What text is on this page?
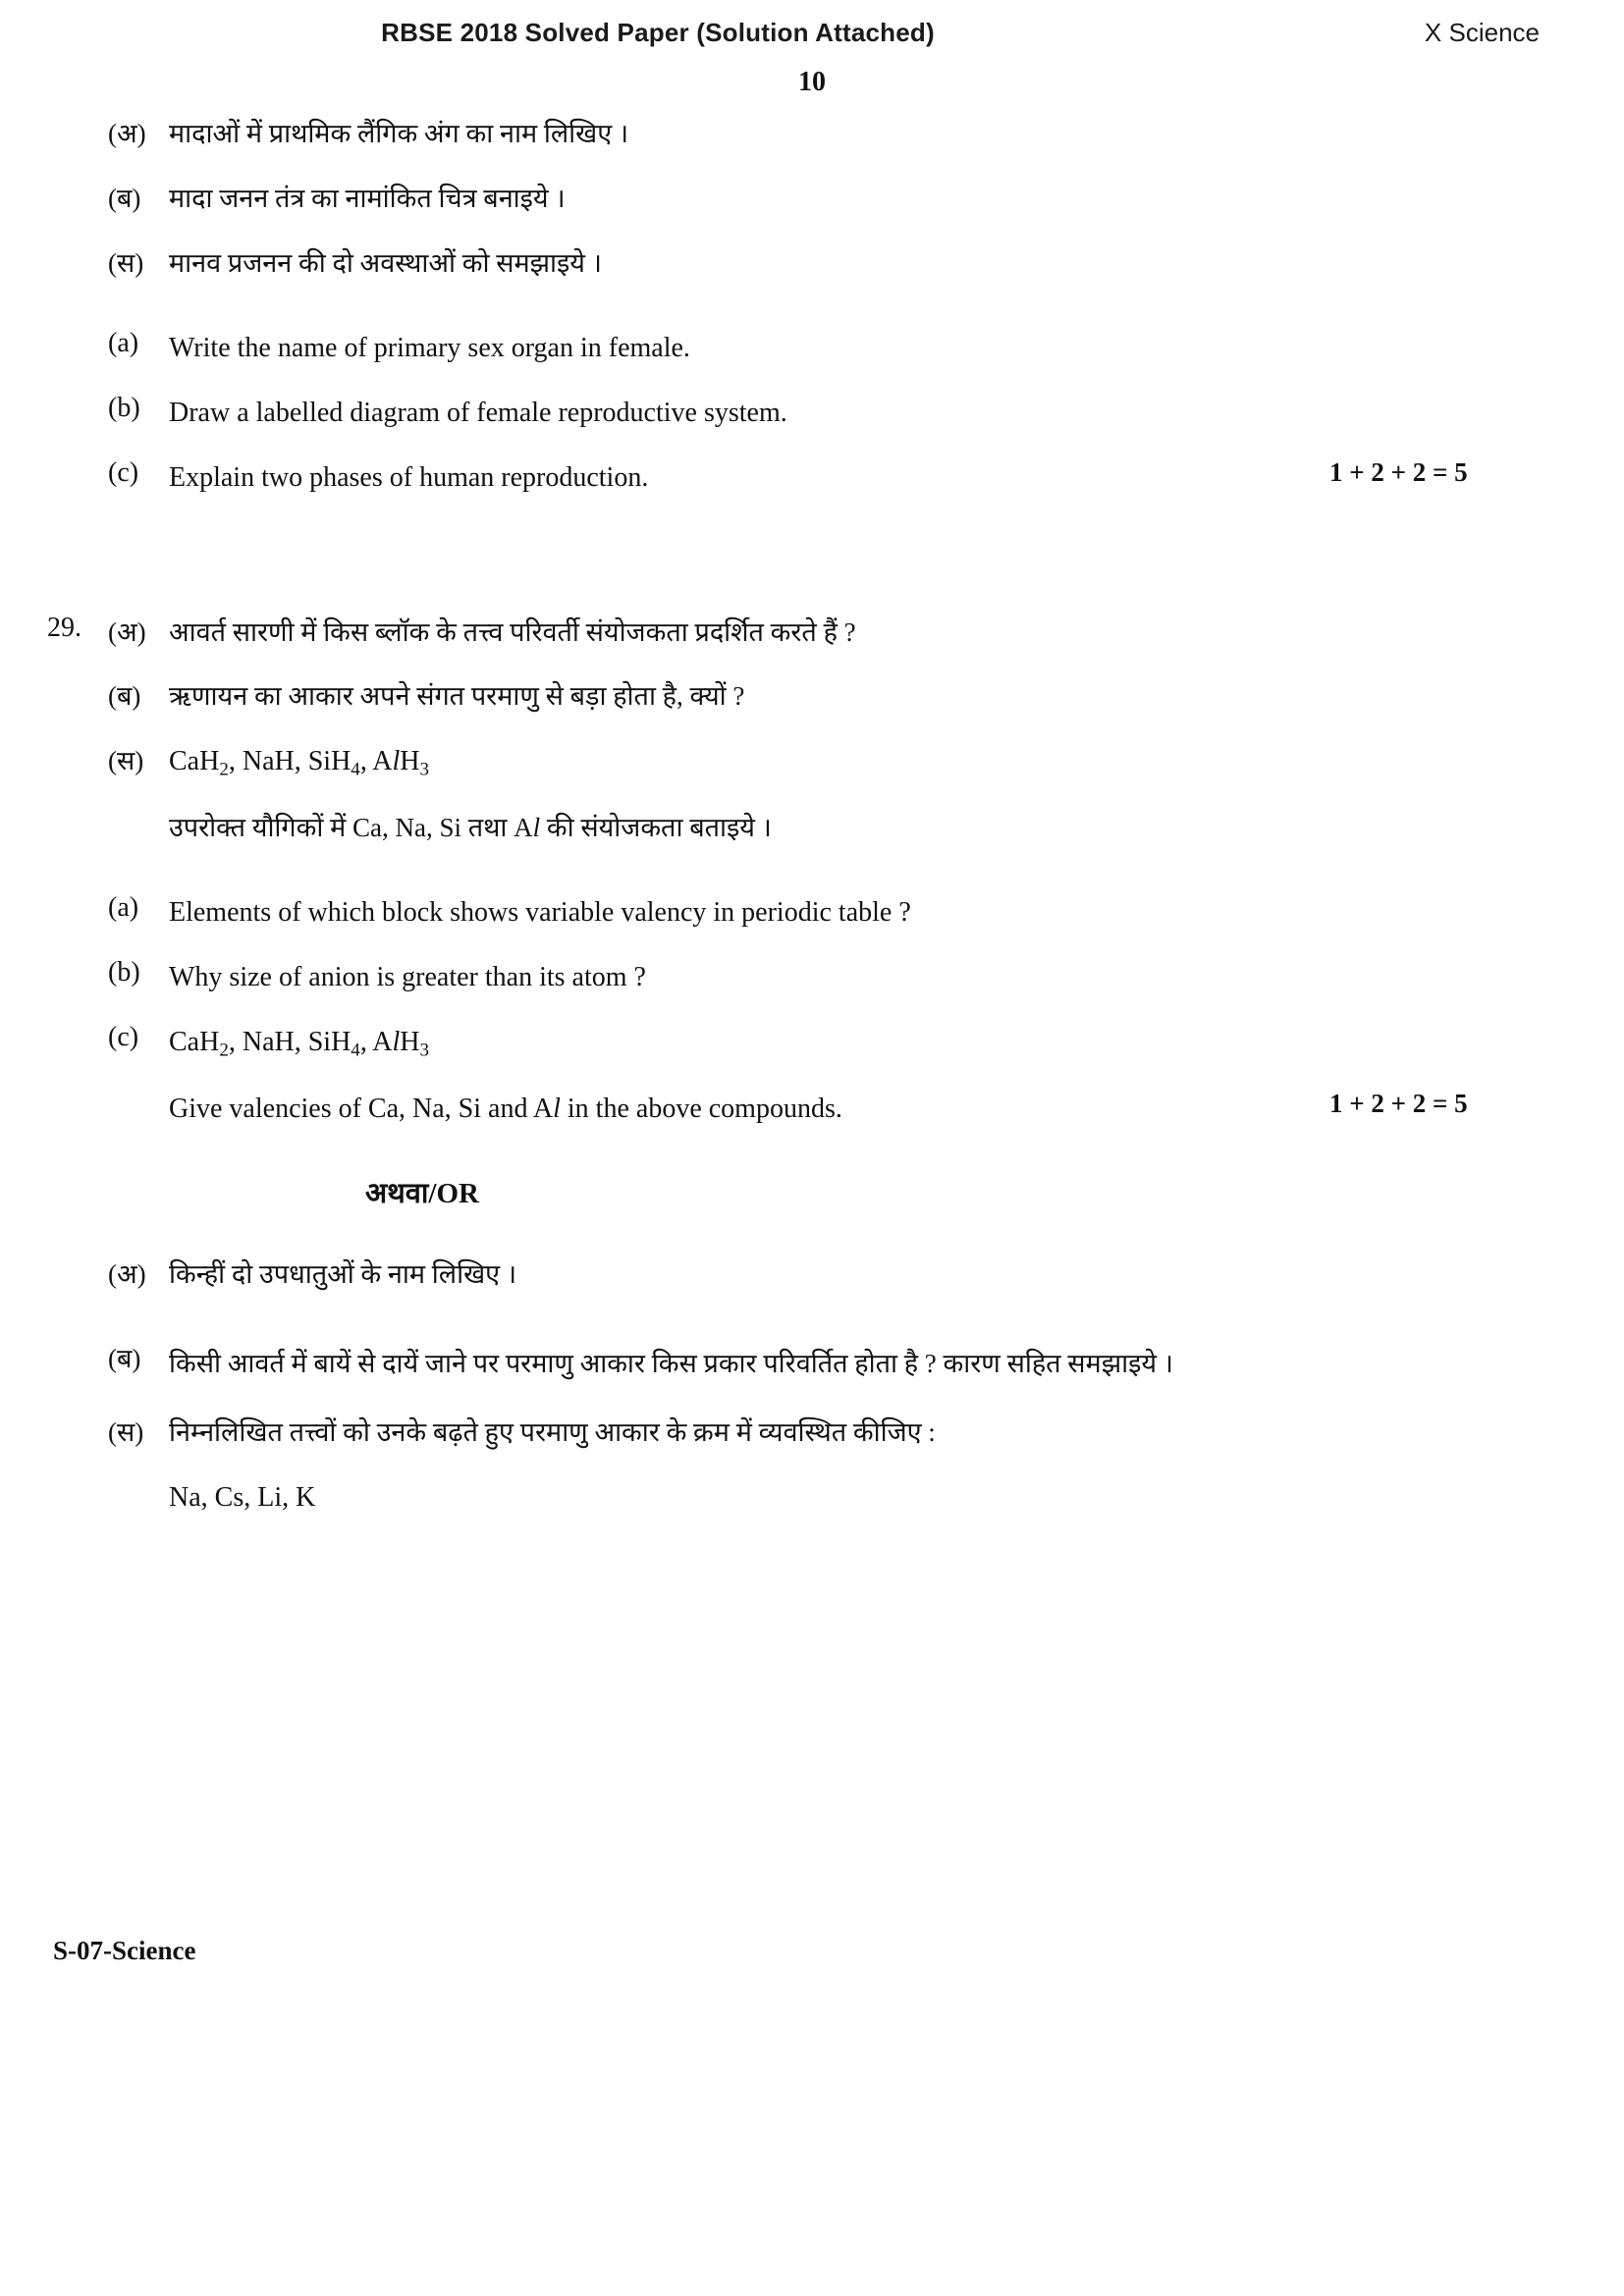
RBSE 2018 Solved Paper (Solution Attached)	X Science
10
(अ) मादाओं में प्राथमिक लैंगिक अंग का नाम लिखिए ।
(ब)	मादा जनन तंत्र का नामांकित चित्र बनाइये ।
(स) मानव प्रजनन की दो अवस्थाओं को समझाइये ।
(a)	Write the name of primary sex organ in female.
(b)	Draw a labelled diagram of female reproductive system.
(c)	Explain two phases of human reproduction.	1 + 2 + 2 = 5
29.	(अ) आवर्त सारणी में किस ब्लॉक के तत्त्व परिवर्ती संयोजकता प्रदर्शित करते हैं ?
(ब)	ऋणायन का आकार अपने संगत परमाणु से बड़ा होता है, क्यों ?
(स) CaH$_2$, NaH, SiH$_4$, AlH$_3$

उपरोक्त यौगिकों में Ca, Na, Si तथा Al की संयोजकता बताइये ।
(a)	Elements of which block shows variable valency in periodic table ?
(b)	Why size of anion is greater than its atom ?
(c)	CaH$_2$, NaH, SiH$_4$, AlH$_3$

Give valencies of Ca, Na, Si and Al in the above compounds.	1 + 2 + 2 = 5
अथवा/OR
(अ) किन्हीं दो उपधातुओं के नाम लिखिए ।
(ब)	किसी आवर्त में बायें से दायें जाने पर परमाणु आकार किस प्रकार परिवर्तित होता है ? कारण सहित समझाइये ।
(स) निम्नलिखित तत्त्वों को उनके बढ़ते हुए परमाणु आकार के क्रम में व्यवस्थित कीजिए :

Na, Cs, Li, K
S-07-Science
